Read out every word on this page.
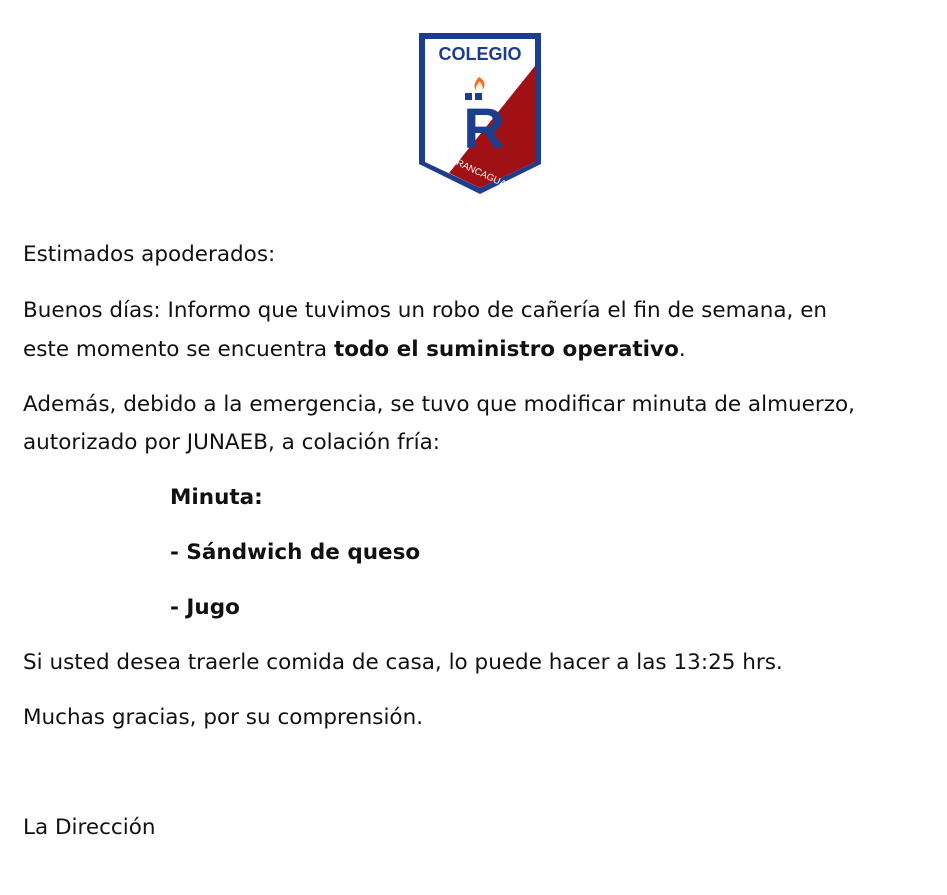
COLEGIO
R
RANCAGUA
Estimados apoderados:
Buenos días: Informo que tuvimos un robo de cañería el fin de semana, en
este momento se encuentra todo el suministro operativo.
Además, debido a la emergencia, se tuvo que modificar minuta de almuerzo,
autorizado por JUNAEB, a colación fría:
Minuta:
- Sándwich de queso
- Jugo
Si usted desea traerle comida de casa, lo puede hacer a las 13:25 hrs.
Muchas gracias, por su comprensión.
La Dirección
